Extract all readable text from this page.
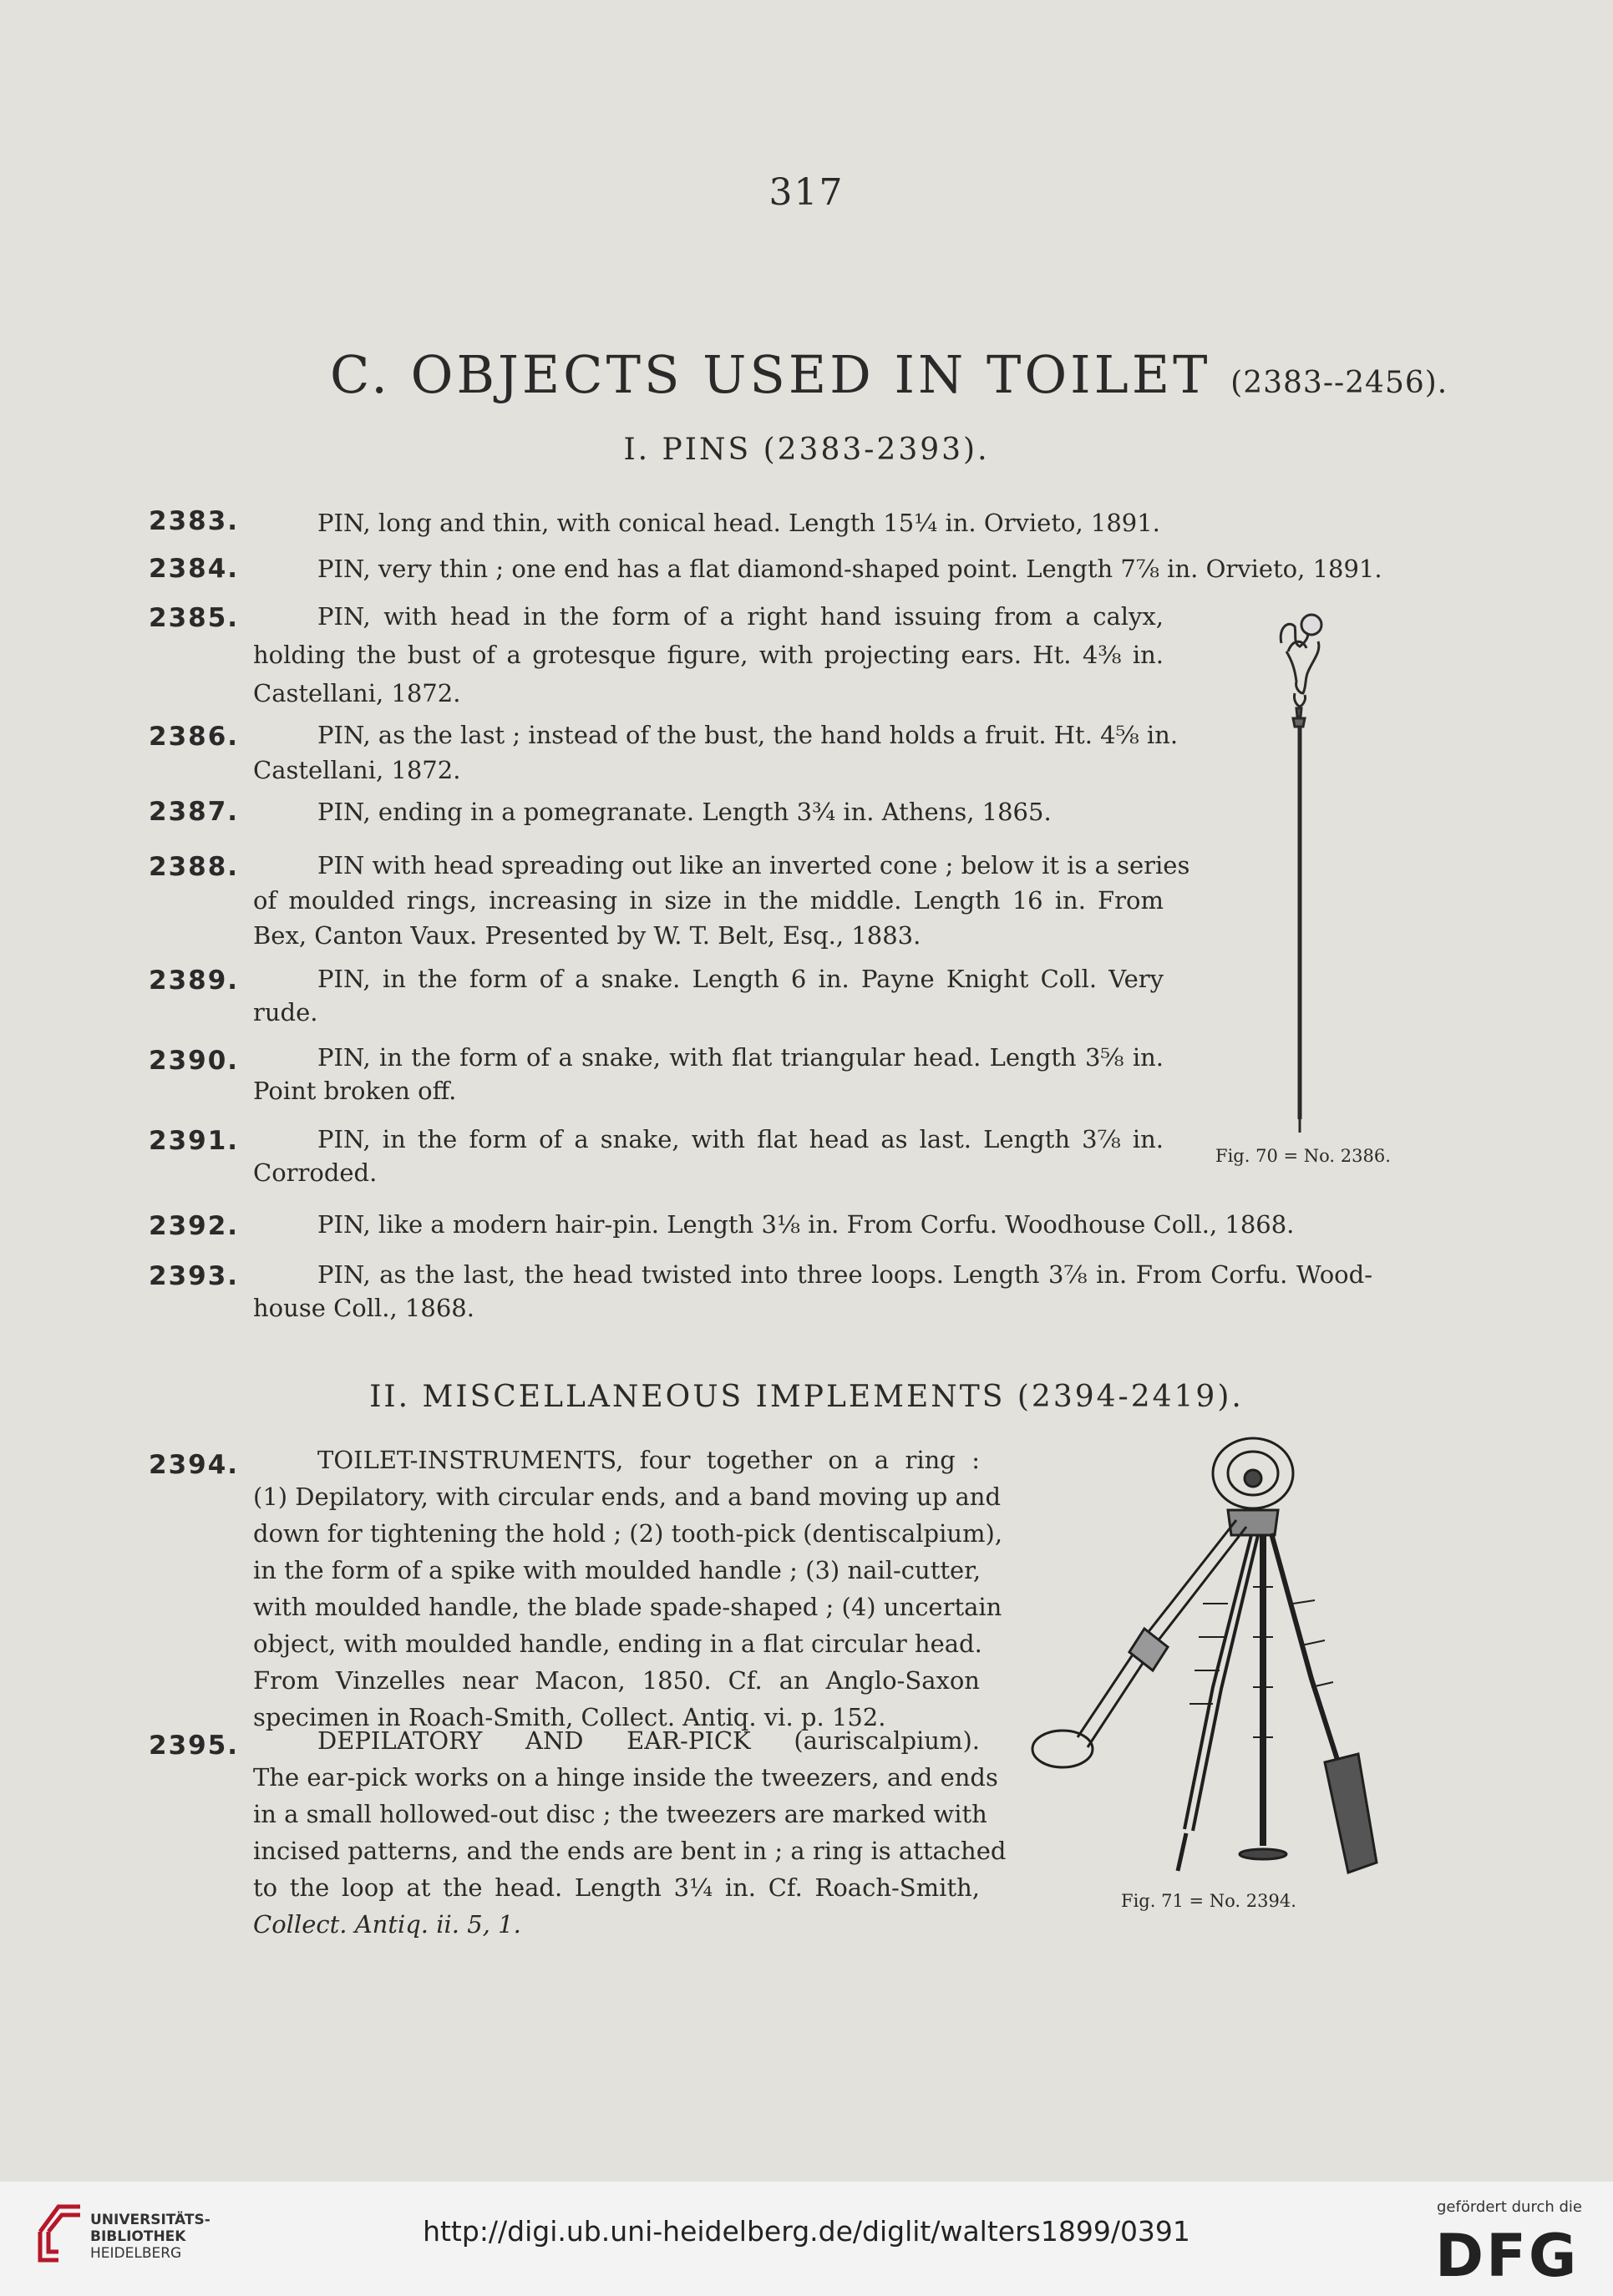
317
C. OBJECTS USED IN TOILET (2383--2456).
I. PINS (2383-2393).
2383.	PIN, long and thin, with conical head. Length 15¼ in. Orvieto, 1891.
2384.	PIN, very thin ; one end has a flat diamond-shaped point. Length 7⅞ in. Orvieto, 1891.
2385.	PIN, with head in the form of a right hand issuing from a calyx,
holding the bust of a grotesque figure, with projecting ears. Ht. 4⅜ in.
Castellani, 1872.
2386.	PIN, as the last ; instead of the bust, the hand holds a fruit. Ht. 4⅝ in.
Castellani, 1872.
2387.	PIN, ending in a pomegranate. Length 3¾ in. Athens, 1865.
2388.	PIN with head spreading out like an inverted cone ; below it is a series
of moulded rings, increasing in size in the middle. Length 16 in. From
Bex, Canton Vaux. Presented by W. T. Belt, Esq., 1883.
2389.	PIN, in the form of a snake. Length 6 in. Payne Knight Coll. Very
rude.
2390.	PIN, in the form of a snake, with flat triangular head. Length 3⅝ in.
Point broken off.
2391.	PIN, in the form of a snake, with flat head as last. Length 3⅞ in.
Corroded.
2392.	PIN, like a modern hair-pin. Length 3⅛ in. From Corfu. Woodhouse Coll., 1868.
2393.	PIN, as the last, the head twisted into three loops. Length 3⅞ in. From Corfu. Wood-
house Coll., 1868.
II. MISCELLANEOUS IMPLEMENTS (2394-2419).
2394.	TOILET-INSTRUMENTS, four together on a ring :
(1) Depilatory, with circular ends, and a band moving up and
down for tightening the hold ; (2) tooth-pick (dentiscalpium),
in the form of a spike with moulded handle ; (3) nail-cutter,
with moulded handle, the blade spade-shaped ; (4) uncertain
object, with moulded handle, ending in a flat circular head.
From Vinzelles near Macon, 1850. Cf. an Anglo-Saxon
specimen in Roach-Smith, Collect. Antiq. vi. p. 152.
2395.	DEPILATORY AND EAR-PICK (auriscalpium).
The ear-pick works on a hinge inside the tweezers, and ends
in a small hollowed-out disc ; the tweezers are marked with
incised patterns, and the ends are bent in ; a ring is attached
to the loop at the head. Length 3¼ in. Cf. Roach-Smith,
Collect. Antiq. ii. 5, 1.
Fig. 70 = No. 2386.
Fig. 71 = No. 2394.
UNIVERSITÄTS-
BIBLIOTHEK
HEIDELBERG
http://digi.ub.uni-heidelberg.de/diglit/walters1899/0391
gefördert durch die
DFG
